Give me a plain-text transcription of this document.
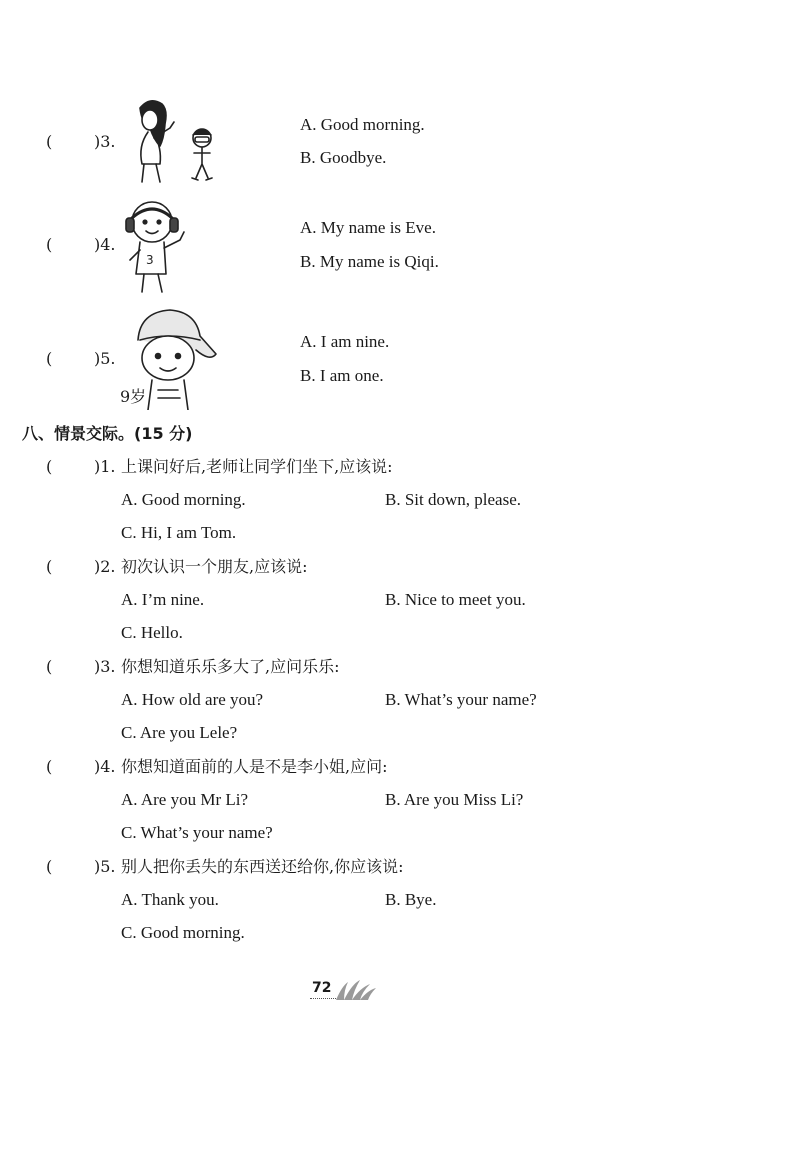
(	)3.
A. Good morning.
B. Goodbye.
(	)4.
3
A. My name is Eve.
B. My name is Qiqi.
(	)5.
9岁
A. I am nine.
B. I am one.
八、情景交际。(15 分)
(	)1. 上课问好后,老师让同学们坐下,应该说:
A. Good morning.	B. Sit down, please.
C. Hi, I am Tom.
(	)2. 初次认识一个朋友,应该说:
A. I’m nine.	B. Nice to meet you.
C. Hello.
(	)3. 你想知道乐乐多大了,应问乐乐:
A. How old are you?	B. What’s your name?
C. Are you Lele?
(	)4. 你想知道面前的人是不是李小姐,应问:
A. Are you Mr Li?	B. Are you Miss Li?
C. What’s your name?
(	)5. 别人把你丢失的东西送还给你,你应该说:
A. Thank you.	B. Bye.
C. Good morning.
72
